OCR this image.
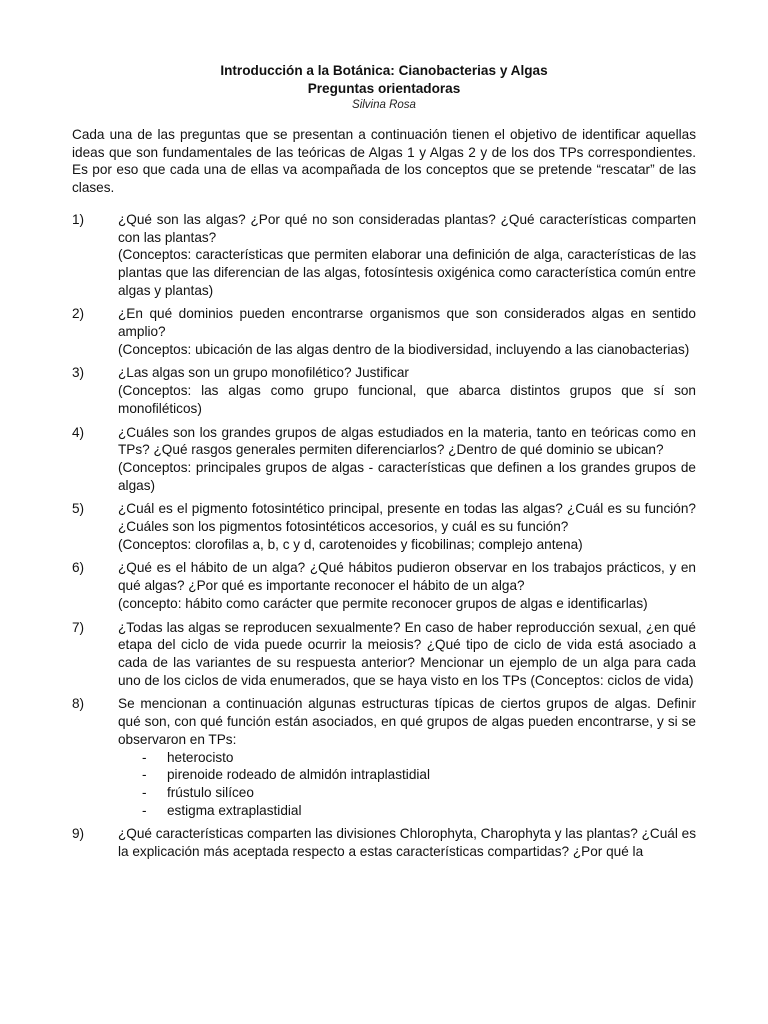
Introducción a la Botánica: Cianobacterias y Algas
Preguntas orientadoras
Silvina Rosa

Cada una de las preguntas que se presentan a continuación tienen el objetivo de identificar aquellas ideas que son fundamentales de las teóricas de Algas 1 y Algas 2 y de los dos TPs correspondientes. Es por eso que cada una de ellas va acompañada de los conceptos que se pretende “rescatar” de las clases.

1)	¿Qué son las algas? ¿Por qué no son consideradas plantas? ¿Qué características comparten con las plantas?
(Conceptos: características que permiten elaborar una definición de alga, características de las plantas que las diferencian de las algas, fotosíntesis oxigénica como característica común entre algas y plantas)
2)	¿En qué dominios pueden encontrarse organismos que son considerados algas en sentido amplio?
(Conceptos: ubicación de las algas dentro de la biodiversidad, incluyendo a las cianobacterias)
3)	¿Las algas son un grupo monofilético? Justificar
(Conceptos: las algas como grupo funcional, que abarca distintos grupos que sí son monofiléticos)
4)	¿Cuáles son los grandes grupos de algas estudiados en la materia, tanto en teóricas como en TPs? ¿Qué rasgos generales permiten diferenciarlos? ¿Dentro de qué dominio se ubican?
(Conceptos: principales grupos de algas - características que definen a los grandes grupos de algas)
5)	¿Cuál es el pigmento fotosintético principal, presente en todas las algas? ¿Cuál es su función? ¿Cuáles son los pigmentos fotosintéticos accesorios, y cuál es su función?
(Conceptos: clorofilas a, b, c y d, carotenoides y ficobilinas; complejo antena)
6)	¿Qué es el hábito de un alga? ¿Qué hábitos pudieron observar en los trabajos prácticos, y en qué algas? ¿Por qué es importante reconocer el hábito de un alga?
(concepto: hábito como carácter que permite reconocer grupos de algas e identificarlas)
7)	¿Todas las algas se reproducen sexualmente? En caso de haber reproducción sexual, ¿en qué etapa del ciclo de vida puede ocurrir la meiosis? ¿Qué tipo de ciclo de vida está asociado a cada de las variantes de su respuesta anterior? Mencionar un ejemplo de un alga para cada uno de los ciclos de vida enumerados, que se haya visto en los TPs (Conceptos: ciclos de vida)
8)	Se mencionan a continuación algunas estructuras típicas de ciertos grupos de algas. Definir qué son, con qué función están asociados, en qué grupos de algas pueden encontrarse, y si se observaron en TPs:
-	heterocisto
-	pirenoide rodeado de almidón intraplastidial
-	frústulo silíceo
-	estigma extraplastidial
9)	¿Qué características comparten las divisiones Chlorophyta, Charophyta y las plantas? ¿Cuál es la explicación más aceptada respecto a estas características compartidas? ¿Por qué la
